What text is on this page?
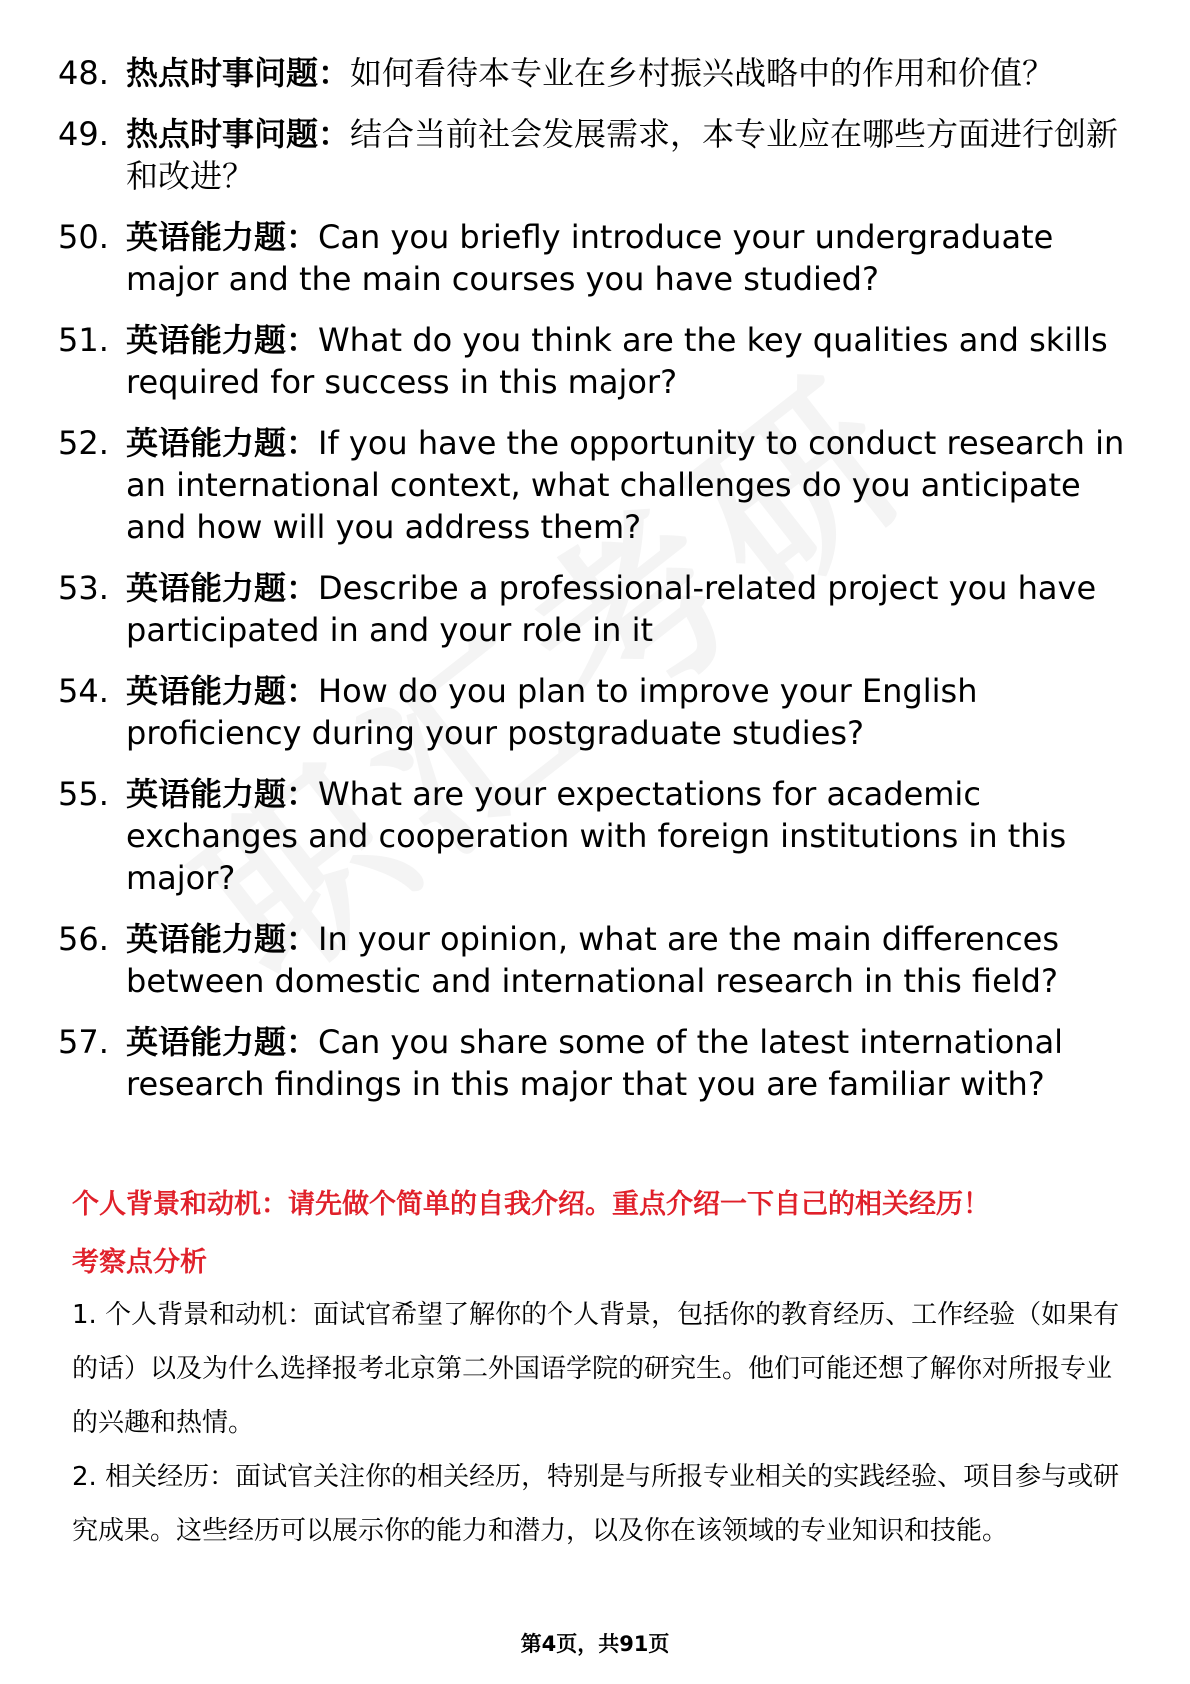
48. 热点时事问题：如何看待本专业在乡村振兴战略中的作用和价值？
49. 热点时事问题：结合当前社会发展需求，本专业应在哪些方面进行创新和改进？
50. 英语能力题：Can you briefly introduce your undergraduate major and the main courses you have studied?
51. 英语能力题：What do you think are the key qualities and skills required for success in this major?
52. 英语能力题：If you have the opportunity to conduct research in an international context, what challenges do you anticipate and how will you address them?
53. 英语能力题：Describe a professional-related project you have participated in and your role in it
54. 英语能力题：How do you plan to improve your English proficiency during your postgraduate studies?
55. 英语能力题：What are your expectations for academic exchanges and cooperation with foreign institutions in this major?
56. 英语能力题：In your opinion, what are the main differences between domestic and international research in this field?
57. 英语能力题：Can you share some of the latest international research findings in this major that you are familiar with?
个人背景和动机：请先做个简单的自我介绍。重点介绍一下自己的相关经历！
考察点分析
1. 个人背景和动机：面试官希望了解你的个人背景，包括你的教育经历、工作经验（如果有的话）以及为什么选择报考北京第二外国语学院的研究生。他们可能还想了解你对所报专业的兴趣和热情。
2. 相关经历：面试官关注你的相关经历，特别是与所报专业相关的实践经验、项目参与或研究成果。这些经历可以展示你的能力和潜力，以及你在该领域的专业知识和技能。
第4页，共91页
